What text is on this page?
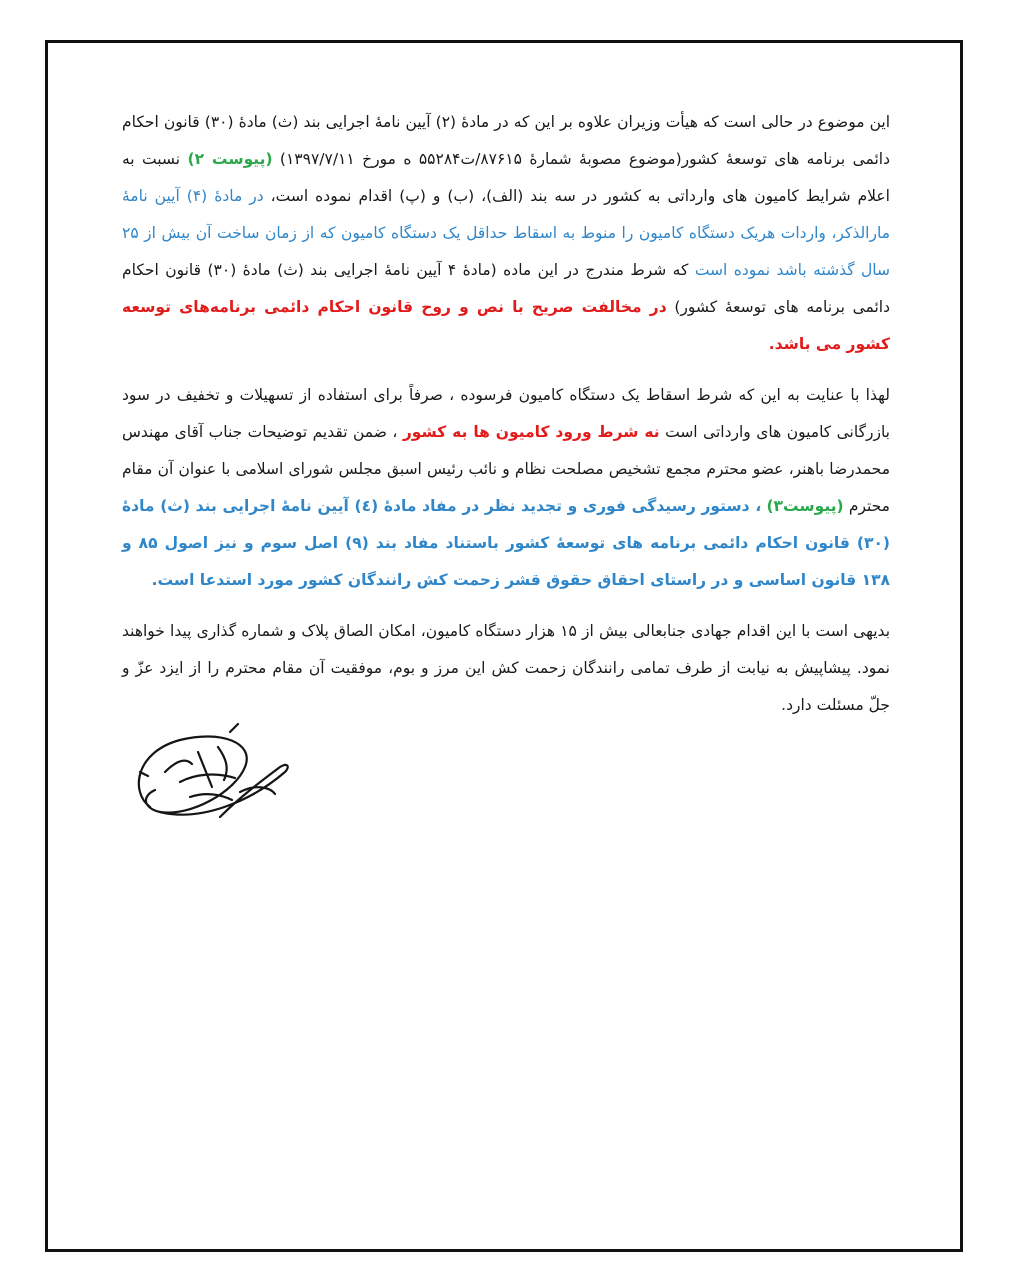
این موضوع در حالی است که هیأت وزیران علاوه بر این که در مادۀ (۲) آیین نامۀ اجرایی بند (ث) مادۀ (۳۰) قانون احکام دائمی برنامه های توسعۀ کشور(موضوع مصوبۀ شمارۀ ۸۷۶۱۵/ت۵۵۲۸۴ ه مورخ ۱۳۹۷/۷/۱۱) (پیوست ۲) نسبت به اعلام شرایط کامیون های وارداتی به کشور در سه بند (الف)، (ب) و (پ) اقدام نموده است، در مادۀ (۴) آیین نامۀ مارالذکر، واردات هریک دستگاه کامیون را منوط به اسقاط حداقل یک دستگاه کامیون که از زمان ساخت آن بیش از ۲۵ سال گذشته باشد نموده است که شرط مندرج در این ماده (مادۀ ۴ آیین نامۀ اجرایی بند (ث) مادۀ (۳۰) قانون احکام دائمی برنامه های توسعۀ کشور) در مخالفت صریح با نص و روح قانون احکام دائمی برنامه‌های توسعه کشور می باشد.

لهذا با عنایت به این که شرط اسقاط یک دستگاه کامیون فرسوده ، صرفاً برای استفاده از تسهیلات و تخفیف در سود بازرگانی کامیون های وارداتی است نه شرط ورود کامیون ها به کشور ، ضمن تقدیم توضیحات جناب آقای مهندس محمدرضا باهنر، عضو محترم مجمع تشخیص مصلحت نظام و نائب رئیس اسبق مجلس شورای اسلامی با عنوان آن مقام محترم (پیوست۳) ، دستور رسیدگی فوری و تجدید نظر در مفاد مادۀ (٤) آیین نامۀ اجرایی بند (ث) مادۀ (۳۰) قانون احکام دائمی برنامه های توسعۀ کشور باستناد مفاد بند (۹) اصل سوم و نیز اصول ۸۵ و ۱۳۸ قانون اساسی و در راستای احقاق حقوق قشر زحمت کش رانندگان کشور مورد استدعا است.

بدیهی است با این اقدام جهادی جنابعالی بیش از ۱۵ هزار دستگاه کامیون، امکان الصاق پلاک و شماره گذاری پیدا خواهند نمود. پیشاپیش به نیابت از طرف تمامی رانندگان زحمت کش این مرز و بوم، موفقیت آن مقام محترم را از ایزد عزّ و جلّ مسئلت دارد.
